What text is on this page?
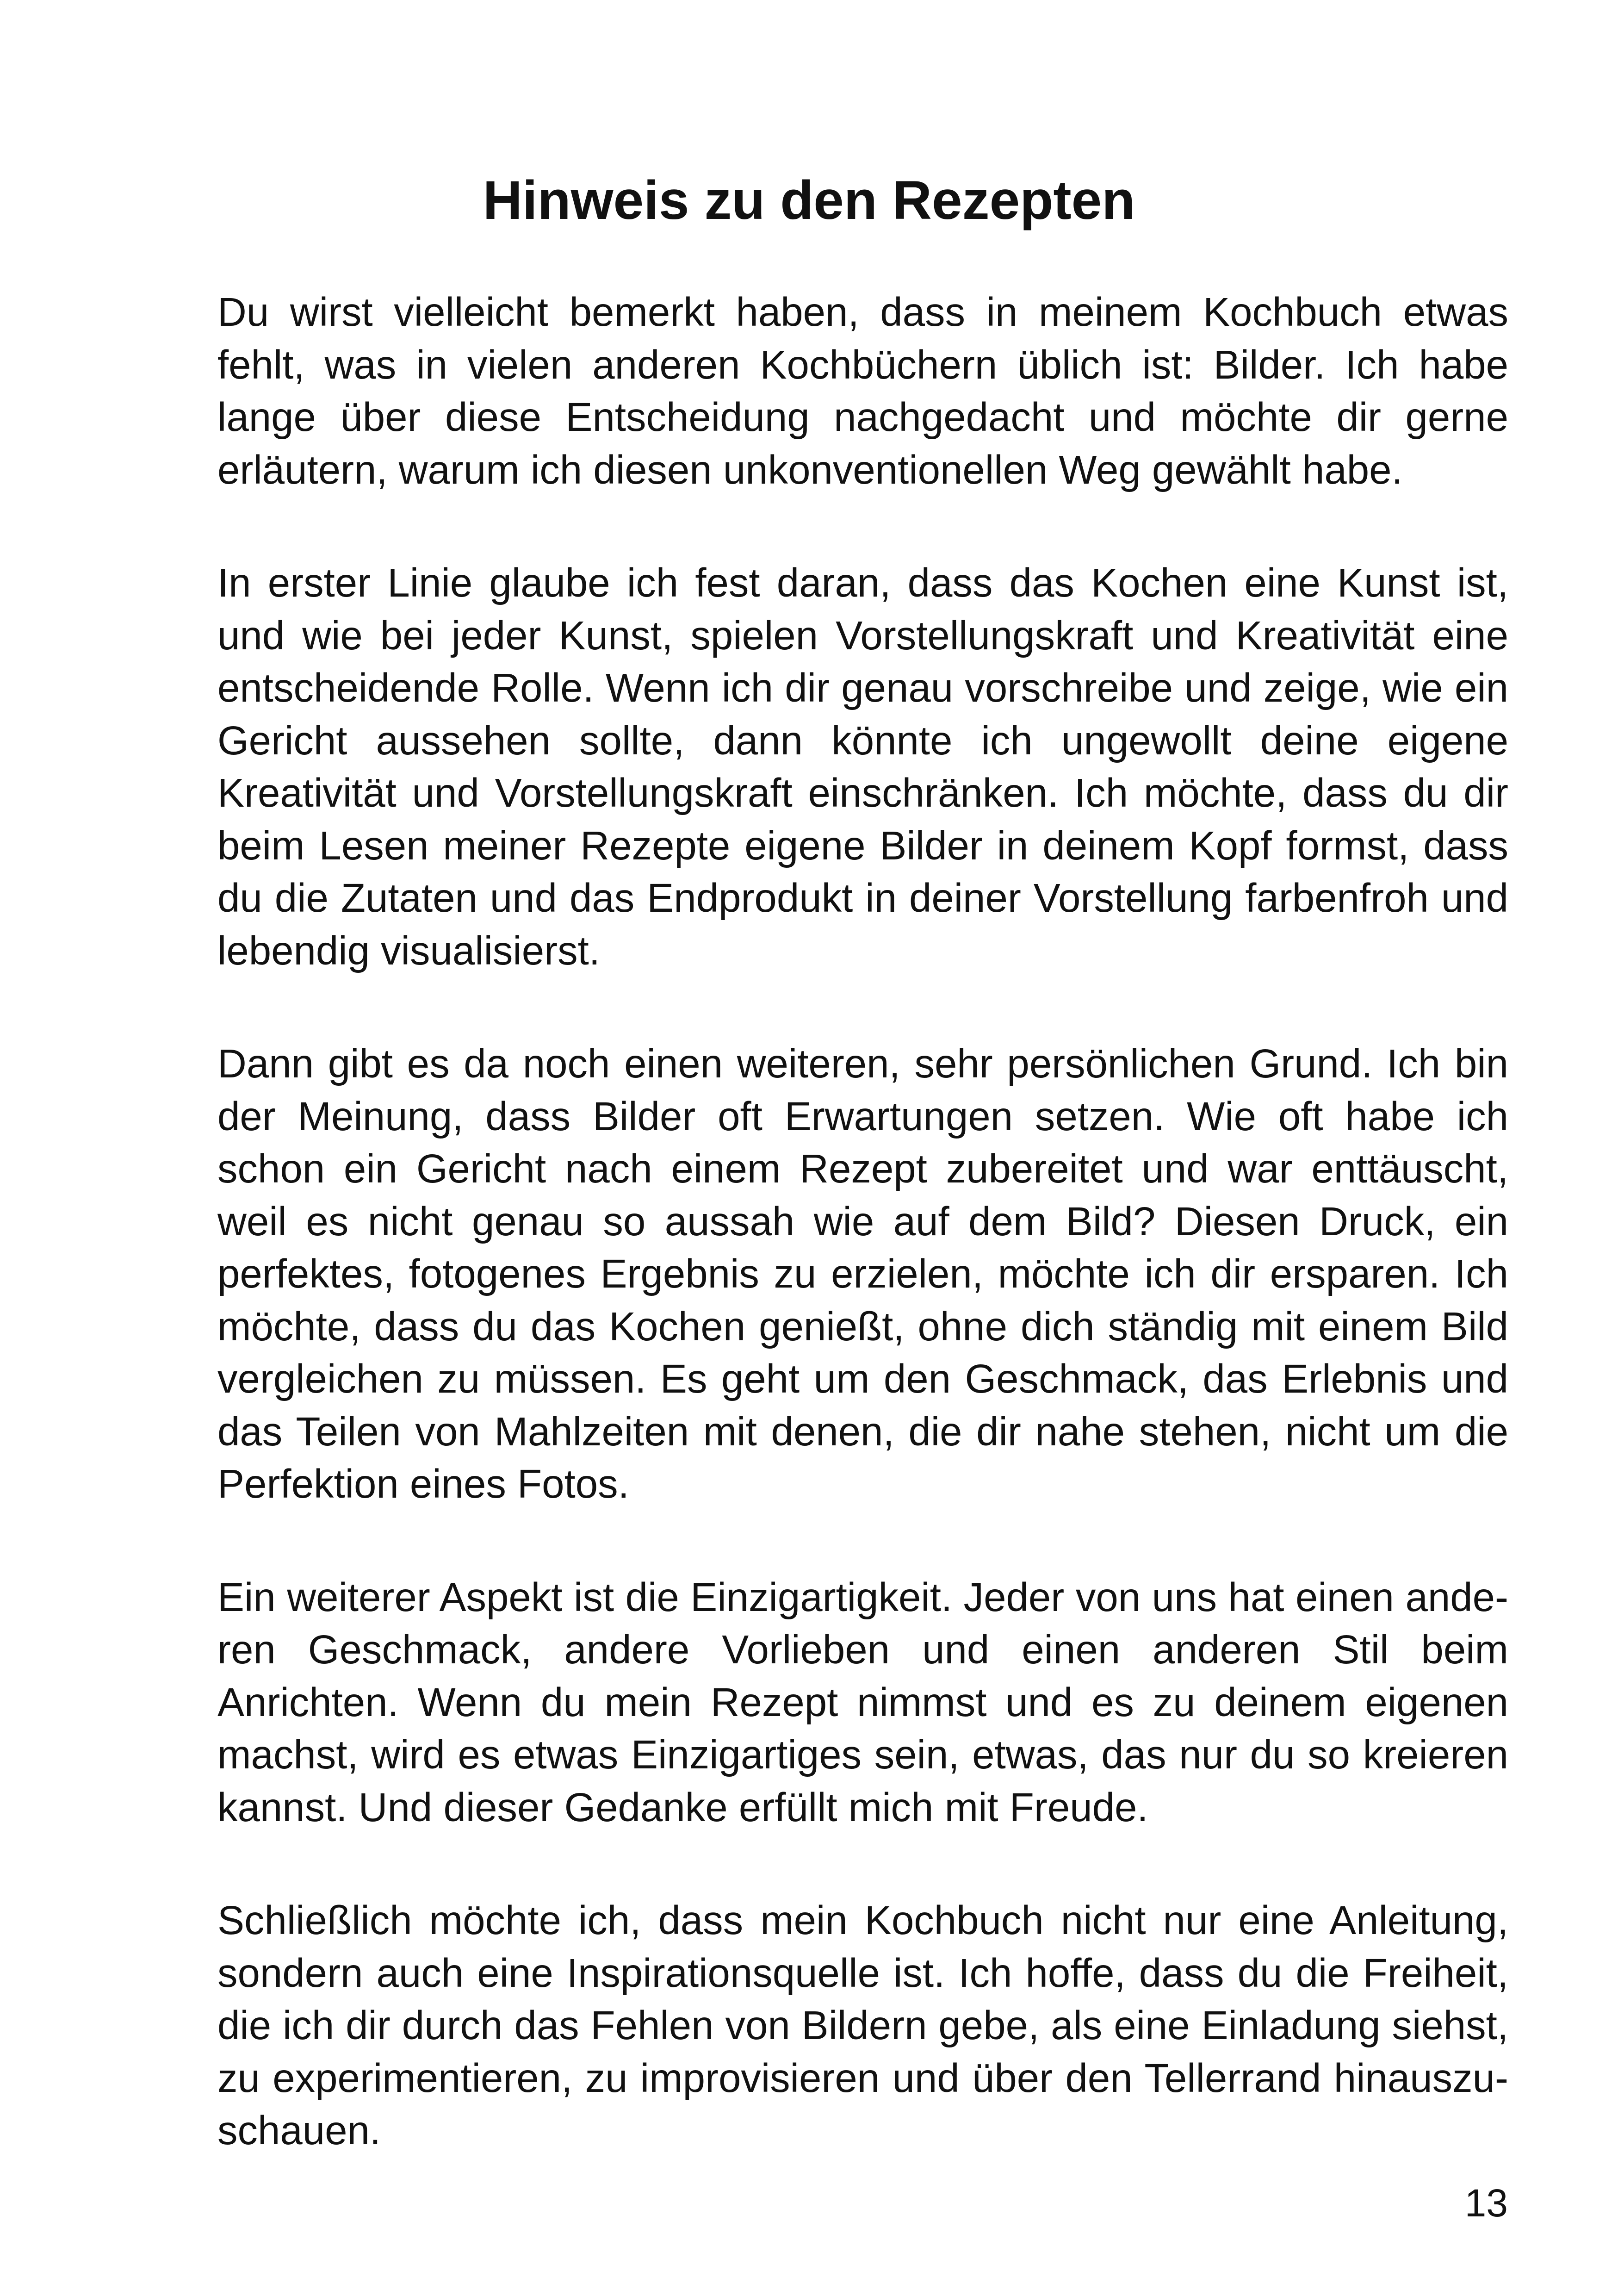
Hinweis zu den Rezepten

Du wirst vielleicht bemerkt haben, dass in meinem Kochbuch etwas fehlt, was in vielen anderen Kochbüchern üblich ist: Bilder. Ich habe lange über diese Entscheidung nachgedacht und möchte dir gerne erläutern, warum ich diesen unkonventionellen Weg gewählt habe.

In erster Linie glaube ich fest daran, dass das Kochen eine Kunst ist, und wie bei jeder Kunst, spielen Vorstellungskraft und Kreativität eine entscheidende Rolle. Wenn ich dir genau vorschreibe und zeige, wie ein Gericht aussehen sollte, dann könnte ich ungewollt deine eigene Kreativität und Vorstellungskraft einschränken. Ich möchte, dass du dir beim Lesen meiner Rezepte eigene Bilder in deinem Kopf formst, dass du die Zutaten und das Endprodukt in deiner Vorstellung farbenfroh und lebendig visualisierst.

Dann gibt es da noch einen weiteren, sehr persönlichen Grund. Ich bin der Meinung, dass Bilder oft Erwartungen setzen. Wie oft habe ich schon ein Gericht nach einem Rezept zubereitet und war enttäuscht, weil es nicht genau so aussah wie auf dem Bild? Diesen Druck, ein perfektes, fotogenes Ergebnis zu erzielen, möchte ich dir ersparen. Ich möchte, dass du das Kochen genießt, ohne dich ständig mit einem Bild vergleichen zu müssen. Es geht um den Geschmack, das Erlebnis und das Teilen von Mahlzeiten mit denen, die dir nahe stehen, nicht um die Perfektion eines Fotos.

Ein weiterer Aspekt ist die Einzigartigkeit. Jeder von uns hat einen anderen Geschmack, andere Vorlieben und einen anderen Stil beim Anrichten. Wenn du mein Rezept nimmst und es zu deinem eigenen machst, wird es etwas Einzigartiges sein, etwas, das nur du so kreieren kannst. Und dieser Gedanke erfüllt mich mit Freude.

Schließlich möchte ich, dass mein Kochbuch nicht nur eine Anleitung, sondern auch eine Inspirationsquelle ist. Ich hoffe, dass du die Freiheit, die ich dir durch das Fehlen von Bildern gebe, als eine Einladung siehst, zu experimentieren, zu improvisieren und über den Tellerrand hinauszuschauen.

13
